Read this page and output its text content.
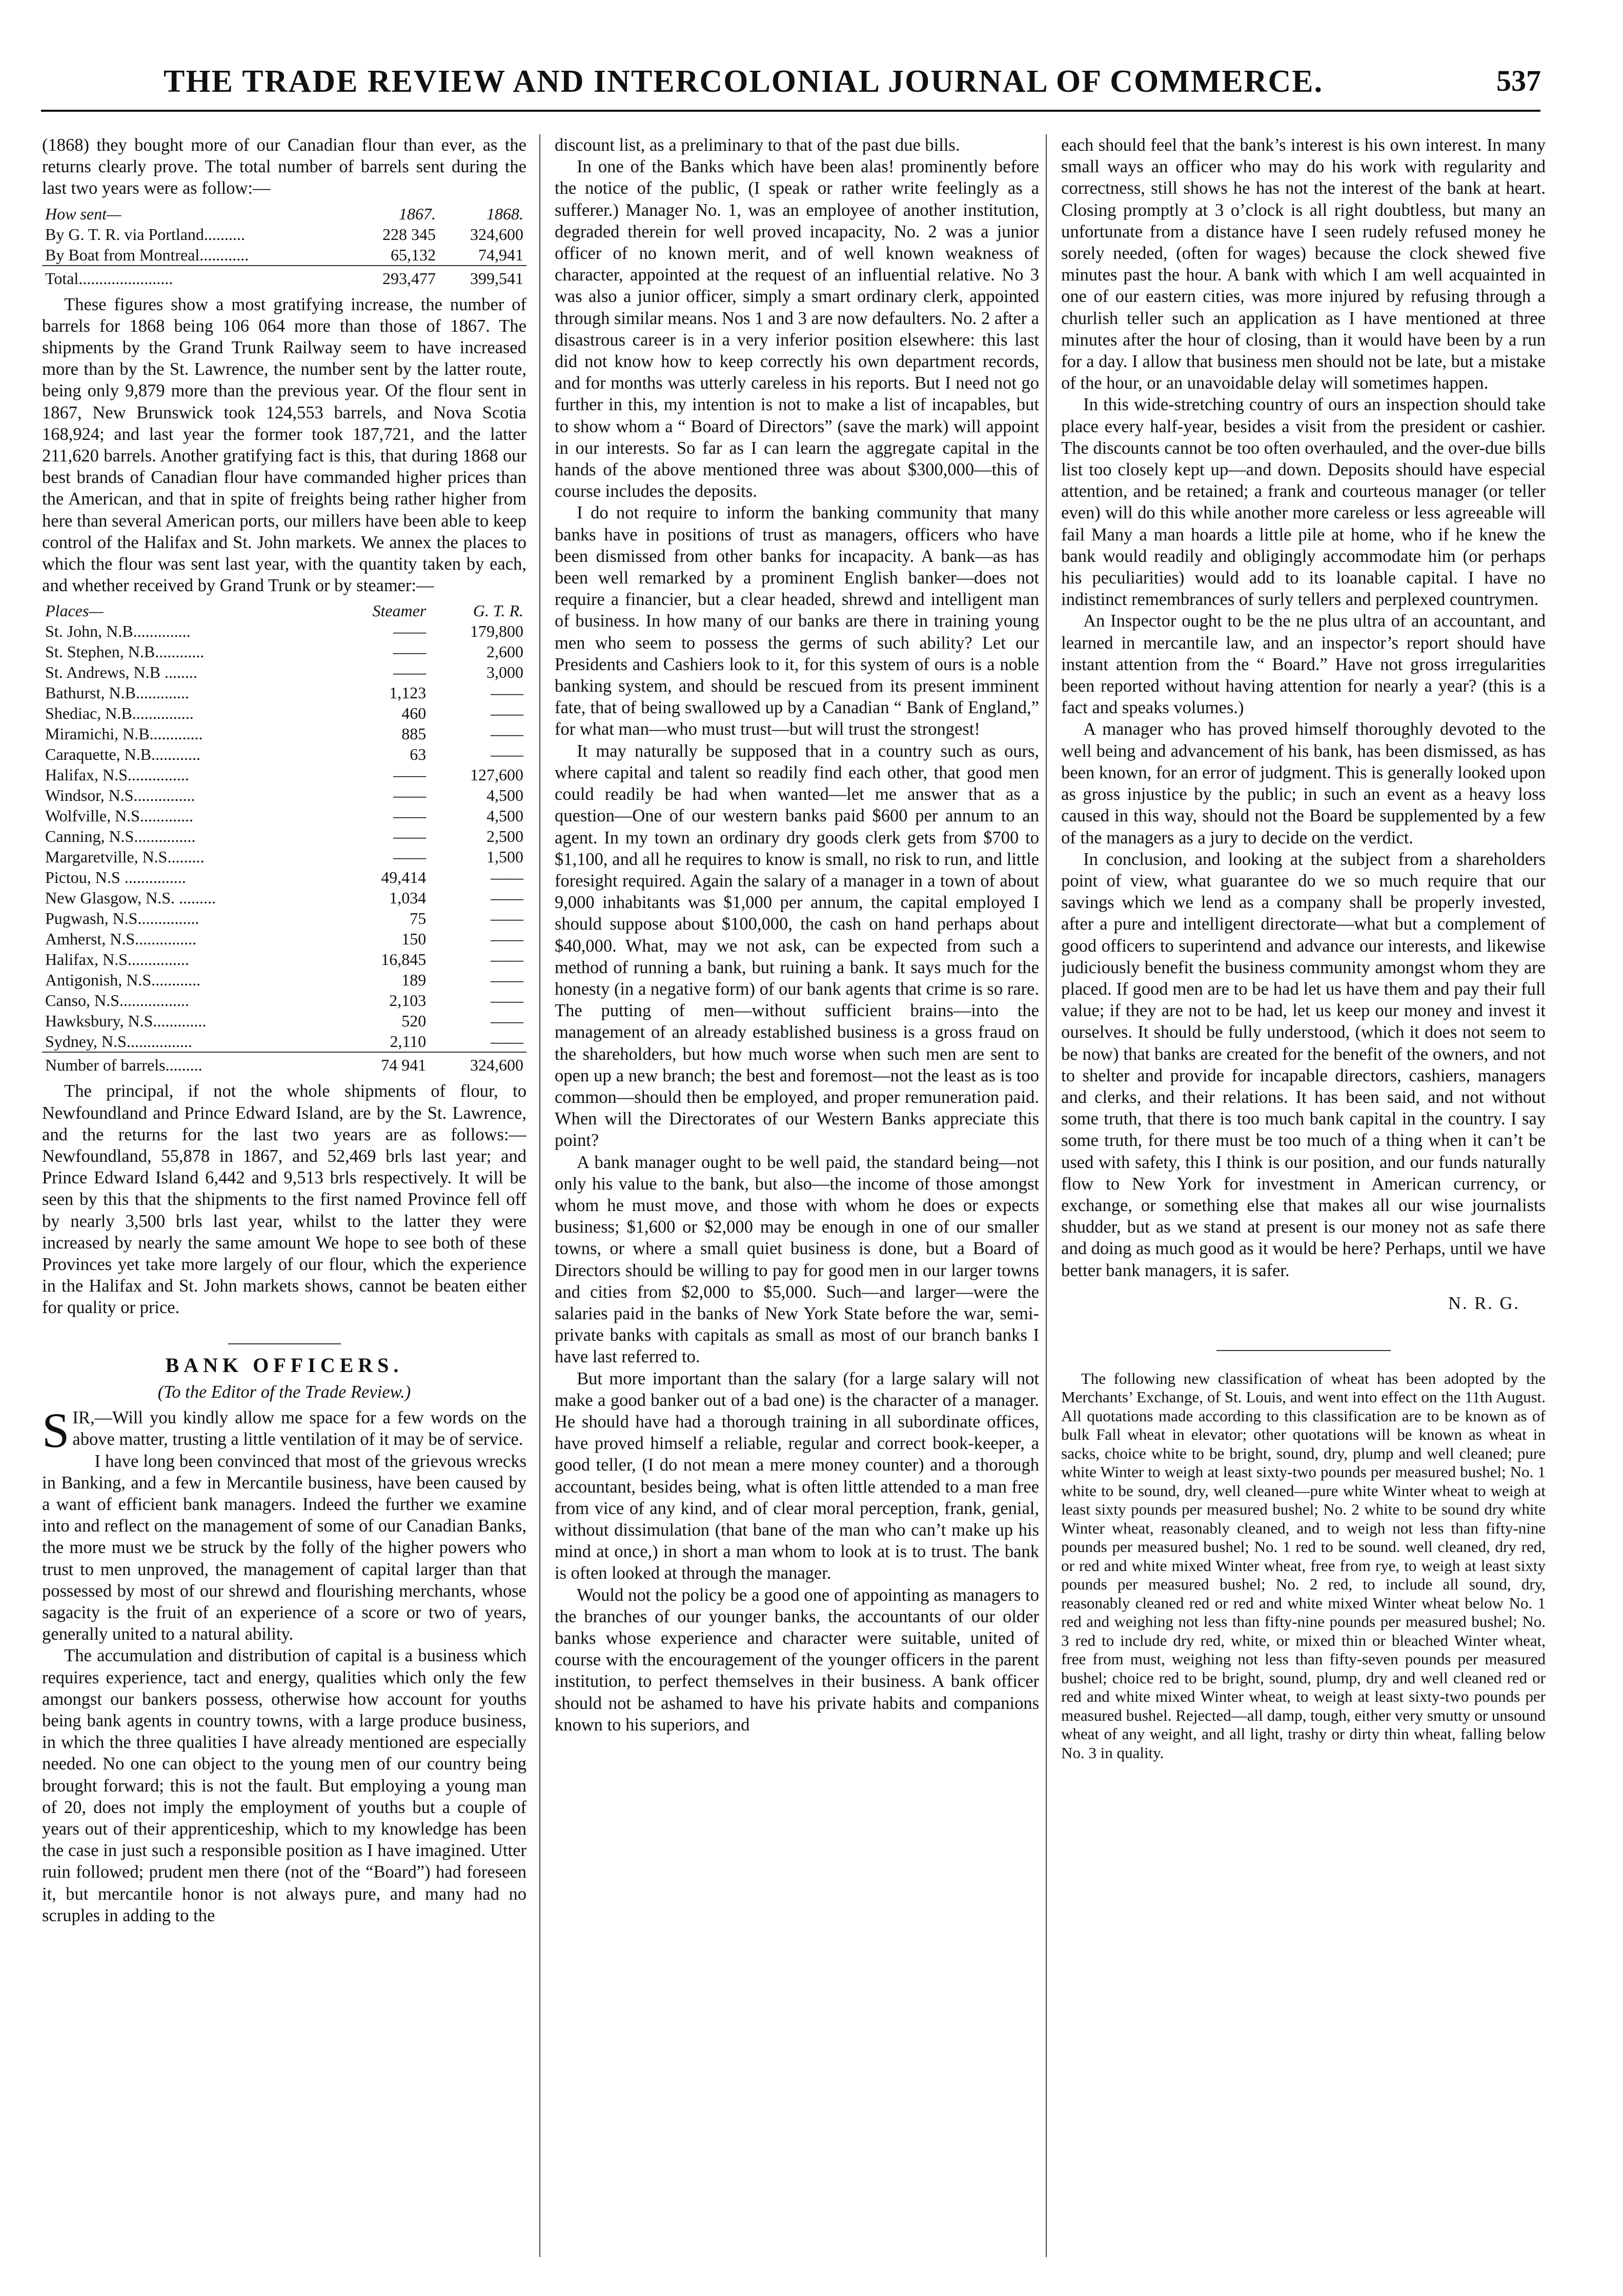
THE TRADE REVIEW AND INTERCOLONIAL JOURNAL OF COMMERCE.	537

(1868) they bought more of our Canadian flour than ever, as the returns clearly prove. The total number of barrels sent during the last two years were as follow:—

How sent—	1867.	1868.
By G. T. R. via Portland..........	228 345	324,600
By Boat from Montreal............	65,132	74,941
Total.......................	293,477	399,541

These figures show a most gratifying increase, the number of barrels for 1868 being 106 064 more than those of 1867. The shipments by the Grand Trunk Railway seem to have increased more than by the St. Lawrence, the number sent by the latter route, being only 9,879 more than the previous year. Of the flour sent in 1867, New Brunswick took 124,553 barrels, and Nova Scotia 168,924; and last year the former took 187,721, and the latter 211,620 barrels. Another gratifying fact is this, that during 1868 our best brands of Canadian flour have commanded higher prices than the American, and that in spite of freights being rather higher from here than several American ports, our millers have been able to keep control of the Halifax and St. John markets. We annex the places to which the flour was sent last year, with the quantity taken by each, and whether received by Grand Trunk or by steamer:—

Places—	Steamer	G. T. R.
St. John, N.B..............	——	179,800
St. Stephen, N.B............	——	2,600
St. Andrews, N.B ........	——	3,000
Bathurst, N.B.............	1,123	——
Shediac, N.B...............	460	——
Miramichi, N.B.............	885	——
Caraquette, N.B............	63	——
Halifax, N.S...............	——	127,600
Windsor, N.S...............	——	4,500
Wolfville, N.S.............	——	4,500
Canning, N.S...............	——	2,500
Margaretville, N.S.........	——	1,500
Pictou, N.S ...............	49,414	——
New Glasgow, N.S. .........	1,034	——
Pugwash, N.S...............	75	——
Amherst, N.S...............	150	——
Halifax, N.S...............	16,845	——
Antigonish, N.S............	189	——
Canso, N.S.................	2,103	——
Hawksbury, N.S.............	520	——
Sydney, N.S................	2,110	——
Number of barrels.........	74 941	324,600

The principal, if not the whole shipments of flour, to Newfoundland and Prince Edward Island, are by the St. Lawrence, and the returns for the last two years are as follows:—Newfoundland, 55,878 in 1867, and 52,469 brls last year; and Prince Edward Island 6,442 and 9,513 brls respectively. It will be seen by this that the shipments to the first named Province fell off by nearly 3,500 brls last year, whilst to the latter they were increased by nearly the same amount We hope to see both of these Provinces yet take more largely of our flour, which the experience in the Halifax and St. John markets shows, cannot be beaten either for quality or price.

BANK OFFICERS.
(To the Editor of the Trade Review.)

SIR,—Will you kindly allow me space for a few words on the above matter, trusting a little ventilation of it may be of service.

I have long been convinced that most of the grievous wrecks in Banking, and a few in Mercantile business, have been caused by a want of efficient bank managers. Indeed the further we examine into and reflect on the management of some of our Canadian Banks, the more must we be struck by the folly of the higher powers who trust to men unproved, the management of capital larger than that possessed by most of our shrewd and flourishing merchants, whose sagacity is the fruit of an experience of a score or two of years, generally united to a natural ability.

The accumulation and distribution of capital is a business which requires experience, tact and energy, qualities which only the few amongst our bankers possess, otherwise how account for youths being bank agents in country towns, with a large produce business, in which the three qualities I have already mentioned are especially needed. No one can object to the young men of our country being brought forward; this is not the fault. But employing a young man of 20, does not imply the employment of youths but a couple of years out of their apprenticeship, which to my knowledge has been the case in just such a responsible position as I have imagined. Utter ruin followed; prudent men there (not of the “Board”) had foreseen it, but mercantile honor is not always pure, and many had no scruples in adding to the

discount list, as a preliminary to that of the past due bills.

In one of the Banks which have been alas! prominently before the notice of the public, (I speak or rather write feelingly as a sufferer.) Manager No. 1, was an employee of another institution, degraded therein for well proved incapacity, No. 2 was a junior officer of no known merit, and of well known weakness of character, appointed at the request of an influential relative. No 3 was also a junior officer, simply a smart ordinary clerk, appointed through similar means. Nos 1 and 3 are now defaulters. No. 2 after a disastrous career is in a very inferior position elsewhere: this last did not know how to keep correctly his own department records, and for months was utterly careless in his reports. But I need not go further in this, my intention is not to make a list of incapables, but to show whom a “ Board of Directors” (save the mark) will appoint in our interests. So far as I can learn the aggregate capital in the hands of the above mentioned three was about $300,000—this of course includes the deposits.

I do not require to inform the banking community that many banks have in positions of trust as managers, officers who have been dismissed from other banks for incapacity. A bank—as has been well remarked by a prominent English banker—does not require a financier, but a clear headed, shrewd and intelligent man of business. In how many of our banks are there in training young men who seem to possess the germs of such ability? Let our Presidents and Cashiers look to it, for this system of ours is a noble banking system, and should be rescued from its present imminent fate, that of being swallowed up by a Canadian “ Bank of England,” for what man—who must trust—but will trust the strongest!

It may naturally be supposed that in a country such as ours, where capital and talent so readily find each other, that good men could readily be had when wanted—let me answer that as a question—One of our western banks paid $600 per annum to an agent. In my town an ordinary dry goods clerk gets from $700 to $1,100, and all he requires to know is small, no risk to run, and little foresight required. Again the salary of a manager in a town of about 9,000 inhabitants was $1,000 per annum, the capital employed I should suppose about $100,000, the cash on hand perhaps about $40,000. What, may we not ask, can be expected from such a method of running a bank, but ruining a bank. It says much for the honesty (in a negative form) of our bank agents that crime is so rare. The putting of men—without sufficient brains—into the management of an already established business is a gross fraud on the shareholders, but how much worse when such men are sent to open up a new branch; the best and foremost—not the least as is too common—should then be employed, and proper remuneration paid. When will the Directorates of our Western Banks appreciate this point?

A bank manager ought to be well paid, the standard being—not only his value to the bank, but also—the income of those amongst whom he must move, and those with whom he does or expects business; $1,600 or $2,000 may be enough in one of our smaller towns, or where a small quiet business is done, but a Board of Directors should be willing to pay for good men in our larger towns and cities from $2,000 to $5,000. Such—and larger—were the salaries paid in the banks of New York State before the war, semi-private banks with capitals as small as most of our branch banks I have last referred to.

But more important than the salary (for a large salary will not make a good banker out of a bad one) is the character of a manager. He should have had a thorough training in all subordinate offices, have proved himself a reliable, regular and correct book-keeper, a good teller, (I do not mean a mere money counter) and a thorough accountant, besides being, what is often little attended to a man free from vice of any kind, and of clear moral perception, frank, genial, without dissimulation (that bane of the man who can’t make up his mind at once,) in short a man whom to look at is to trust. The bank is often looked at through the manager.

Would not the policy be a good one of appointing as managers to the branches of our younger banks, the accountants of our older banks whose experience and character were suitable, united of course with the encouragement of the younger officers in the parent institution, to perfect themselves in their business. A bank officer should not be ashamed to have his private habits and companions known to his superiors, and

each should feel that the bank’s interest is his own interest. In many small ways an officer who may do his work with regularity and correctness, still shows he has not the interest of the bank at heart. Closing promptly at 3 o’clock is all right doubtless, but many an unfortunate from a distance have I seen rudely refused money he sorely needed, (often for wages) because the clock shewed five minutes past the hour. A bank with which I am well acquainted in one of our eastern cities, was more injured by refusing through a churlish teller such an application as I have mentioned at three minutes after the hour of closing, than it would have been by a run for a day. I allow that business men should not be late, but a mistake of the hour, or an unavoidable delay will sometimes happen.

In this wide-stretching country of ours an inspection should take place every half-year, besides a visit from the president or cashier. The discounts cannot be too often overhauled, and the over-due bills list too closely kept up—and down. Deposits should have especial attention, and be retained; a frank and courteous manager (or teller even) will do this while another more careless or less agreeable will fail Many a man hoards a little pile at home, who if he knew the bank would readily and obligingly accommodate him (or perhaps his peculiarities) would add to its loanable capital. I have no indistinct remembrances of surly tellers and perplexed countrymen.

An Inspector ought to be the ne plus ultra of an accountant, and learned in mercantile law, and an inspector’s report should have instant attention from the “ Board.” Have not gross irregularities been reported without having attention for nearly a year? (this is a fact and speaks volumes.)

A manager who has proved himself thoroughly devoted to the well being and advancement of his bank, has been dismissed, as has been known, for an error of judgment. This is generally looked upon as gross injustice by the public; in such an event as a heavy loss caused in this way, should not the Board be supplemented by a few of the managers as a jury to decide on the verdict.

In conclusion, and looking at the subject from a shareholders point of view, what guarantee do we so much require that our savings which we lend as a company shall be properly invested, after a pure and intelligent directorate—what but a complement of good officers to superintend and advance our interests, and likewise judiciously benefit the business community amongst whom they are placed. If good men are to be had let us have them and pay their full value; if they are not to be had, let us keep our money and invest it ourselves. It should be fully understood, (which it does not seem to be now) that banks are created for the benefit of the owners, and not to shelter and provide for incapable directors, cashiers, managers and clerks, and their relations. It has been said, and not without some truth, that there is too much bank capital in the country. I say some truth, for there must be too much of a thing when it can’t be used with safety, this I think is our position, and our funds naturally flow to New York for investment in American currency, or exchange, or something else that makes all our wise journalists shudder, but as we stand at present is our money not as safe there and doing as much good as it would be here? Perhaps, until we have better bank managers, it is safer.

N. R. G.

The following new classification of wheat has been adopted by the Merchants’ Exchange, of St. Louis, and went into effect on the 11th August. All quotations made according to this classification are to be known as of bulk Fall wheat in elevator; other quotations will be known as wheat in sacks, choice white to be bright, sound, dry, plump and well cleaned; pure white Winter to weigh at least sixty-two pounds per measured bushel; No. 1 white to be sound, dry, well cleaned—pure white Winter wheat to weigh at least sixty pounds per measured bushel; No. 2 white to be sound dry white Winter wheat, reasonably cleaned, and to weigh not less than fifty-nine pounds per measured bushel; No. 1 red to be sound. well cleaned, dry red, or red and white mixed Winter wheat, free from rye, to weigh at least sixty pounds per measured bushel; No. 2 red, to include all sound, dry, reasonably cleaned red or red and white mixed Winter wheat below No. 1 red and weighing not less than fifty-nine pounds per measured bushel; No. 3 red to include dry red, white, or mixed thin or bleached Winter wheat, free from must, weighing not less than fifty-seven pounds per measured bushel; choice red to be bright, sound, plump, dry and well cleaned red or red and white mixed Winter wheat, to weigh at least sixty-two pounds per measured bushel. Rejected—all damp, tough, either very smutty or unsound wheat of any weight, and all light, trashy or dirty thin wheat, falling below No. 3 in quality.
